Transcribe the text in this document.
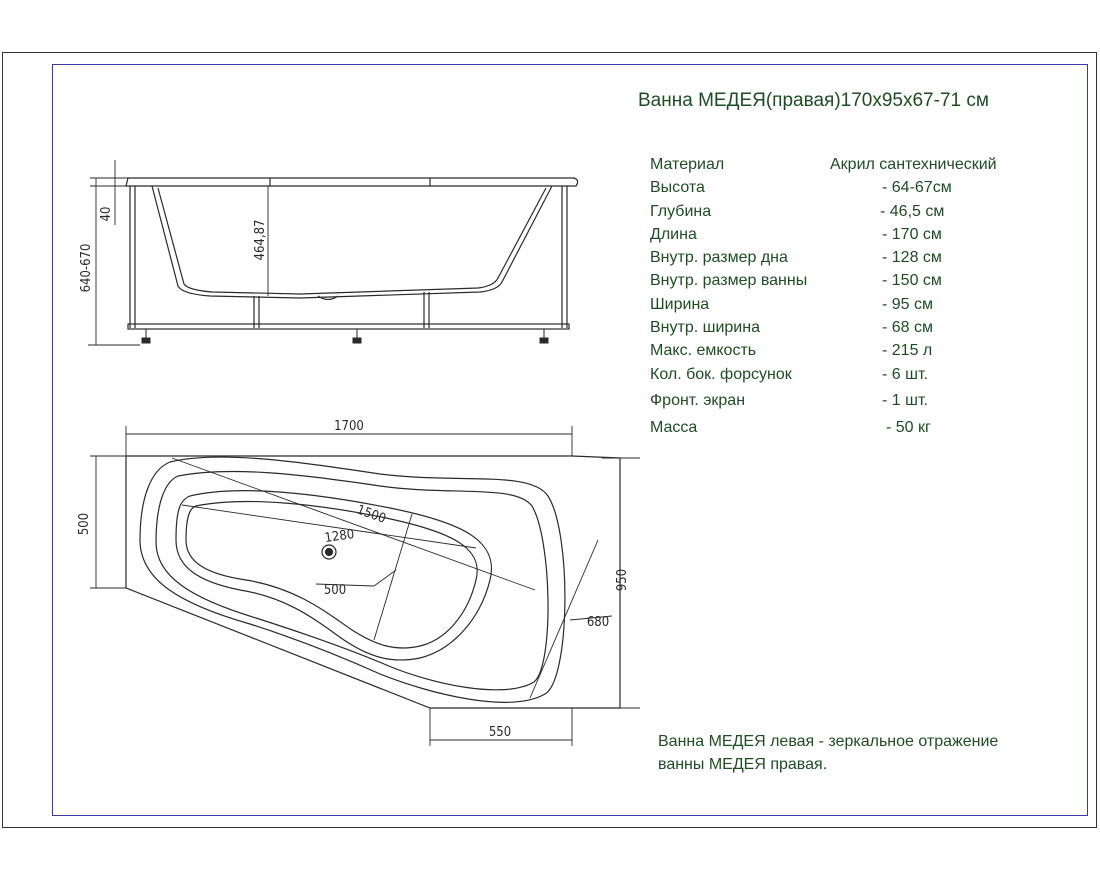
40
464,87
640-670
1700
500	1500
1280
500	950
680
550
Ванна МЕДЕЯ(правая)170x95x67-71 см
Материал	Акрил сантехнический
Высота	- 64-67см
Глубина	- 46,5 см
Длина	- 170 см
Внутр. размер дна	- 128 см
Внутр. размер ванны	- 150 см
Ширина	- 95 см
Внутр. ширина	- 68 см
Макс. емкость	- 215 л
Кол. бок. форсунок	- 6 шт.
Фронт. экран	- 1 шт.
Масса	- 50 кг
Ванна МЕДЕЯ левая - зеркальное отражение
ванны МЕДЕЯ правая.
